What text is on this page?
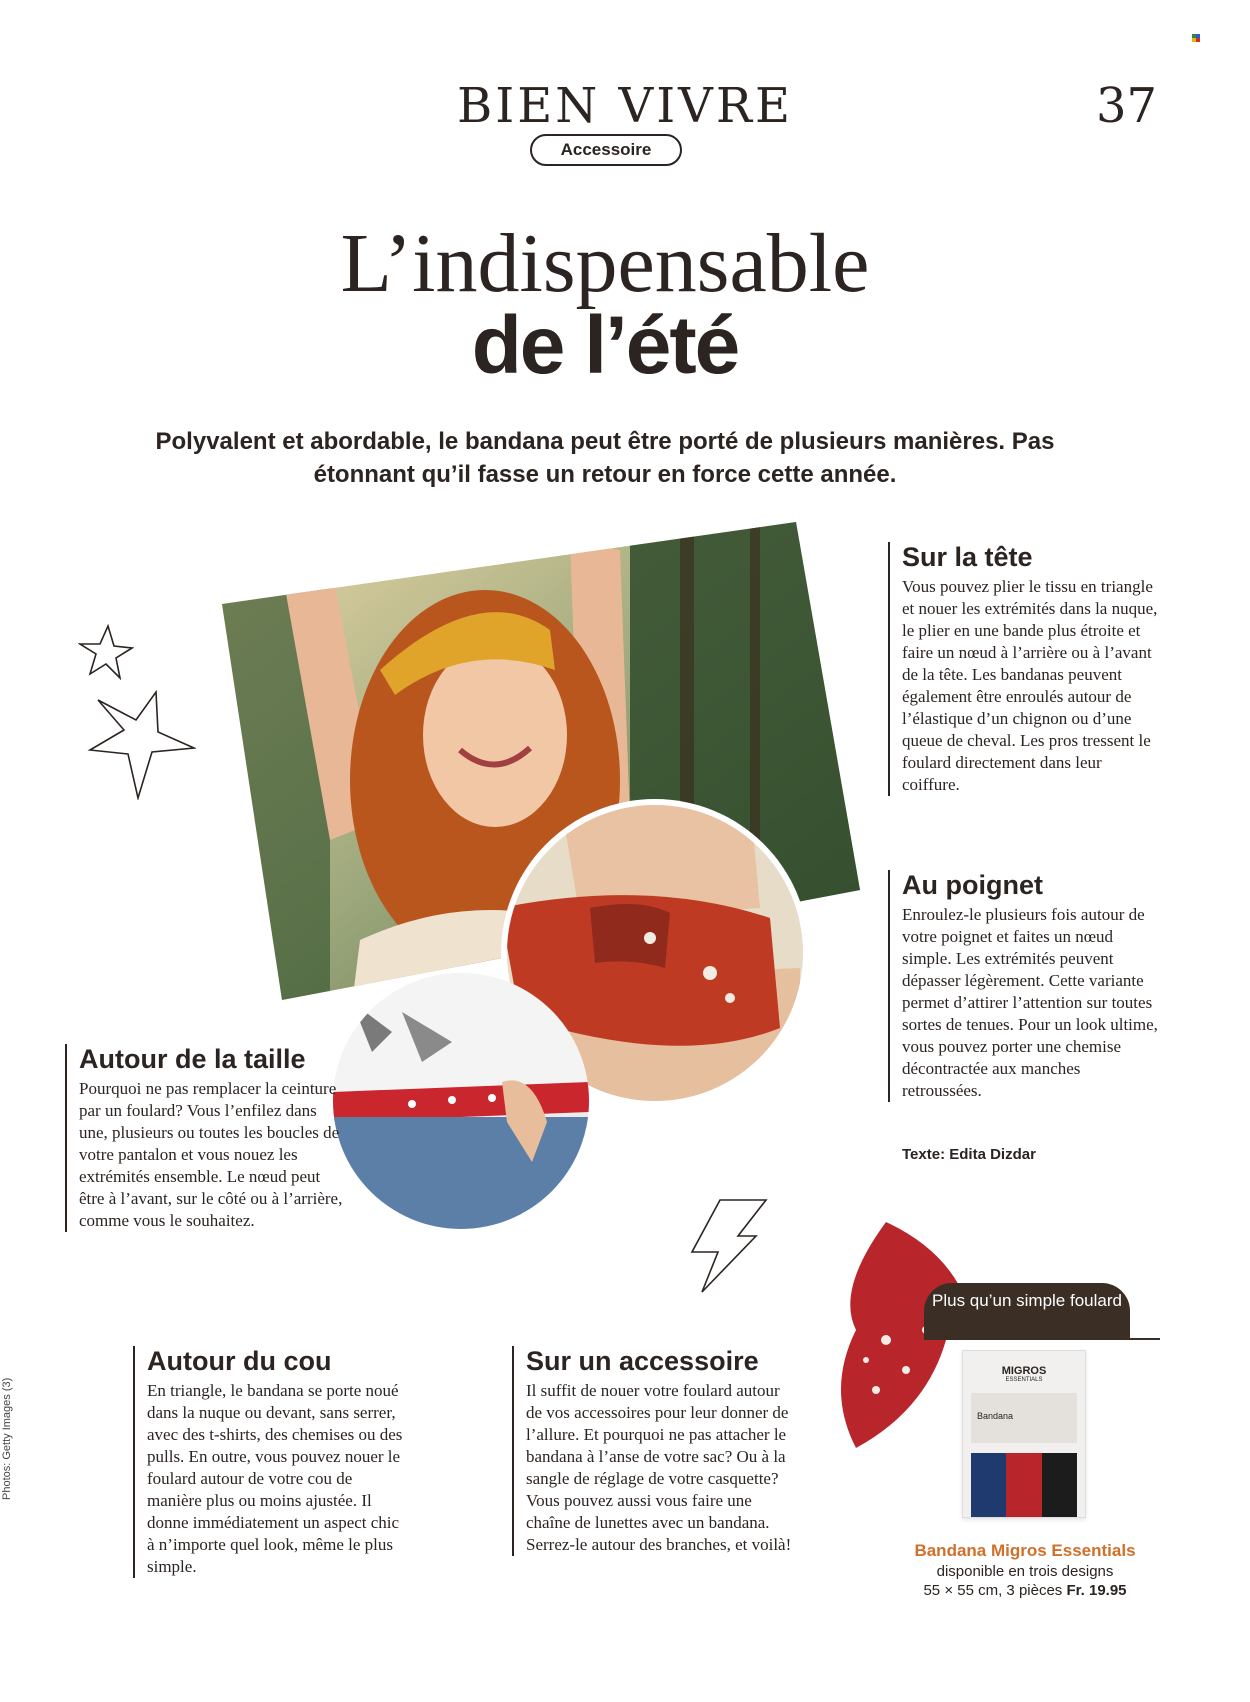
BIEN VIVRE	37
Accessoire
L’indispensable
de l’été
Polyvalent et abordable, le bandana peut être porté de plusieurs manières. Pas étonnant qu’il fasse un retour en force cette année.
Sur la tête

Vous pouvez plier le tissu en triangle et nouer les extrémités dans la nuque, le plier en une bande plus étroite et faire un nœud à l’arrière ou à l’avant de la tête. Les bandanas peuvent également être enroulés autour de l’élastique d’un chignon ou d’une queue de cheval. Les pros tressent le foulard directement dans leur coiffure.

Au poignet

Enroulez-le plusieurs fois autour de votre poignet et faites un nœud simple. Les extrémités peuvent dépasser légèrement. Cette variante permet d’attirer l’attention sur toutes sortes de tenues. Pour un look ultime, vous pouvez porter une chemise décontractée aux manches retroussées.

Texte: Edita Dizdar
Autour de la taille

Pourquoi ne pas remplacer la ceinture par un foulard? Vous l’enfilez dans une, plusieurs ou toutes les boucles de votre pantalon et vous nouez les extrémités ensemble. Le nœud peut être à l’avant, sur le côté ou à l’arrière, comme vous le souhaitez.

Autour du cou

En triangle, le bandana se porte noué dans la nuque ou devant, sans serrer, avec des t-shirts, des chemises ou des pulls. En outre, vous pouvez nouer le foulard autour de votre cou de manière plus ou moins ajustée. Il donne immédiatement un aspect chic à n’importe quel look, même le plus simple.

Sur un accessoire

Il suffit de nouer votre foulard autour de vos accessoires pour leur donner de l’allure. Et pourquoi ne pas attacher le bandana à l’anse de votre sac? Ou à la sangle de réglage de votre casquette? Vous pouvez aussi vous faire une chaîne de lunettes avec un bandana. Serrez-le autour des branches, et voilà!

Plus qu’un simple foulard
MIGROS
ESSENTIALS
Bandana
Bandana Migros Essentials
disponible en trois designs
55 × 55 cm, 3 pièces Fr. 19.95
Photos: Getty Images (3)
